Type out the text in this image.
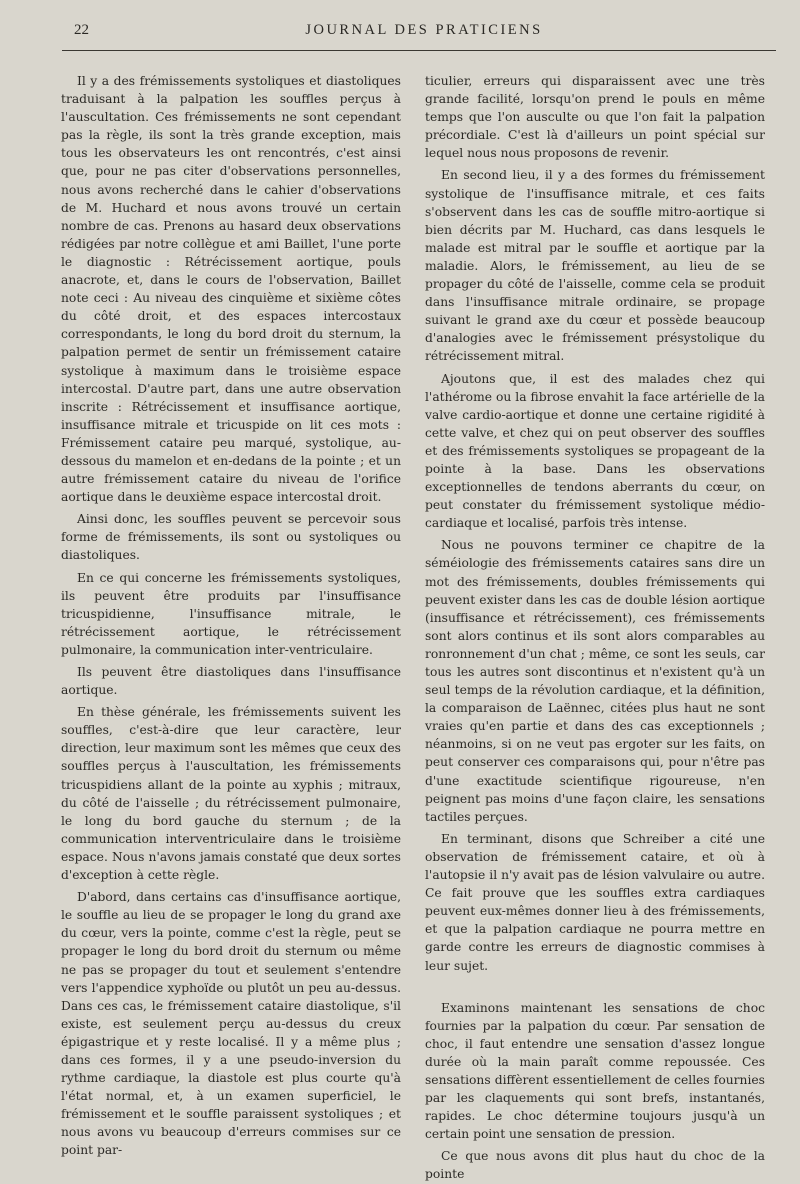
22	JOURNAL DES PRATICIENS

Il y a des frémissements systoliques et diastoliques traduisant à la palpation les souffles perçus à l'auscultation. Ces frémissements ne sont cependant pas la règle, ils sont la très grande exception, mais tous les observateurs les ont rencontrés, c'est ainsi que, pour ne pas citer d'observations personnelles, nous avons recherché dans le cahier d'observations de M. Huchard et nous avons trouvé un certain nombre de cas. Prenons au hasard deux observations rédigées par notre collègue et ami Baillet, l'une porte le diagnostic : Rétrécissement aortique, pouls anacrote, et, dans le cours de l'observation, Baillet note ceci : Au niveau des cinquième et sixième côtes du côté droit, et des espaces intercostaux correspondants, le long du bord droit du sternum, la palpation permet de sentir un frémissement cataire systolique à maximum dans le troisième espace intercostal. D'autre part, dans une autre observation inscrite : Rétrécissement et insuffisance aortique, insuffisance mitrale et tricuspide on lit ces mots : Frémissement cataire peu marqué, systolique, au-dessous du mamelon et en-dedans de la pointe ; et un autre frémissement cataire du niveau de l'orifice aortique dans le deuxième espace intercostal droit.

Ainsi donc, les souffles peuvent se percevoir sous forme de frémissements, ils sont ou systoliques ou diastoliques.

En ce qui concerne les frémissements systoliques, ils peuvent être produits par l'insuffisance tricuspidienne, l'insuffisance mitrale, le rétrécissement aortique, le rétrécissement pulmonaire, la communication inter-ventriculaire.

Ils peuvent être diastoliques dans l'insuffisance aortique.

En thèse générale, les frémissements suivent les souffles, c'est-à-dire que leur caractère, leur direction, leur maximum sont les mêmes que ceux des souffles perçus à l'auscultation, les frémissements tricuspidiens allant de la pointe au xyphis ; mitraux, du côté de l'aisselle ; du rétrécissement pulmonaire, le long du bord gauche du sternum ; de la communication interventriculaire dans le troisième espace. Nous n'avons jamais constaté que deux sortes d'exception à cette règle.

D'abord, dans certains cas d'insuffisance aortique, le souffle au lieu de se propager le long du grand axe du cœur, vers la pointe, comme c'est la règle, peut se propager le long du bord droit du sternum ou même ne pas se propager du tout et seulement s'entendre vers l'appendice xyphoïde ou plutôt un peu au-dessus. Dans ces cas, le frémissement cataire diastolique, s'il existe, est seulement perçu au-dessus du creux épigastrique et y reste localisé. Il y a même plus ; dans ces formes, il y a une pseudo-inversion du rythme cardiaque, la diastole est plus courte qu'à l'état normal, et, à un examen superficiel, le frémissement et le souffle paraissent systoliques ; et nous avons vu beaucoup d'erreurs commises sur ce point par-

ticulier, erreurs qui disparaissent avec une très grande facilité, lorsqu'on prend le pouls en même temps que l'on ausculte ou que l'on fait la palpation précordiale. C'est là d'ailleurs un point spécial sur lequel nous nous proposons de revenir.

En second lieu, il y a des formes du frémissement systolique de l'insuffisance mitrale, et ces faits s'observent dans les cas de souffle mitro-aortique si bien décrits par M. Huchard, cas dans lesquels le malade est mitral par le souffle et aortique par la maladie. Alors, le frémissement, au lieu de se propager du côté de l'aisselle, comme cela se produit dans l'insuffisance mitrale ordinaire, se propage suivant le grand axe du cœur et possède beaucoup d'analogies avec le frémissement présystolique du rétrécissement mitral.

Ajoutons que, il est des malades chez qui l'athérome ou la fibrose envahit la face artérielle de la valve cardio-aortique et donne une certaine rigidité à cette valve, et chez qui on peut observer des souffles et des frémissements systoliques se propageant de la pointe à la base. Dans les observations exceptionnelles de tendons aberrants du cœur, on peut constater du frémissement systolique médio-cardiaque et localisé, parfois très intense.

Nous ne pouvons terminer ce chapitre de la séméiologie des frémissements cataires sans dire un mot des frémissements, doubles frémissements qui peuvent exister dans les cas de double lésion aortique (insuffisance et rétrécissement), ces frémissements sont alors continus et ils sont alors comparables au ronronnement d'un chat ; même, ce sont les seuls, car tous les autres sont discontinus et n'existent qu'à un seul temps de la révolution cardiaque, et la définition, la comparaison de Laënnec, citées plus haut ne sont vraies qu'en partie et dans des cas exceptionnels ; néanmoins, si on ne veut pas ergoter sur les faits, on peut conserver ces comparaisons qui, pour n'être pas d'une exactitude scientifique rigoureuse, n'en peignent pas moins d'une façon claire, les sensations tactiles perçues.

En terminant, disons que Schreiber a cité une observation de frémissement cataire, et où à l'autopsie il n'y avait pas de lésion valvulaire ou autre. Ce fait prouve que les souffles extra cardiaques peuvent eux-mêmes donner lieu à des frémissements, et que la palpation cardiaque ne pourra mettre en garde contre les erreurs de diagnostic commises à leur sujet.

Examinons maintenant les sensations de choc fournies par la palpation du cœur. Par sensation de choc, il faut entendre une sensation d'assez longue durée où la main paraît comme repoussée. Ces sensations diffèrent essentiellement de celles fournies par les claquements qui sont brefs, instantanés, rapides. Le choc détermine toujours jusqu'à un certain point une sensation de pression.

Ce que nous avons dit plus haut du choc de la pointe
